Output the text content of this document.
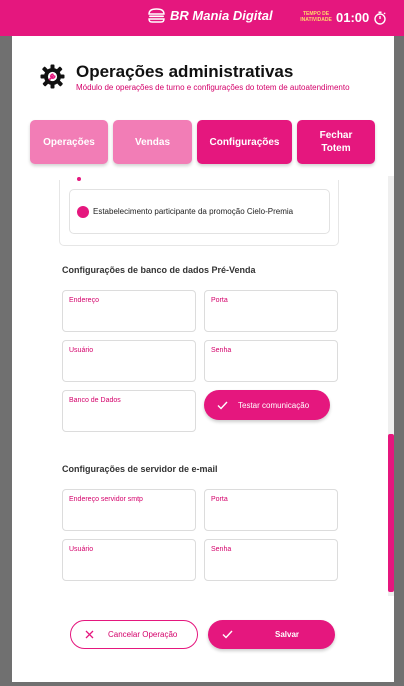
BR Mania Digital	TEMPO DE INATIVIDADE 01:00
Operações administrativas
Módulo de operações de turno e configurações do totem de autoatendimento
Operações	Vendas	Configurações
Fechar Totem
Estabelecimento participante da promoção Cielo-Premia
Configurações de banco de dados Pré-Venda
Endereço	Porta
Usuário	Senha
Banco de Dados	Testar comunicação
Configurações de servidor de e-mail
Endereço servidor smtp	Porta
Usuário	Senha
Cancelar Operação	Salvar
